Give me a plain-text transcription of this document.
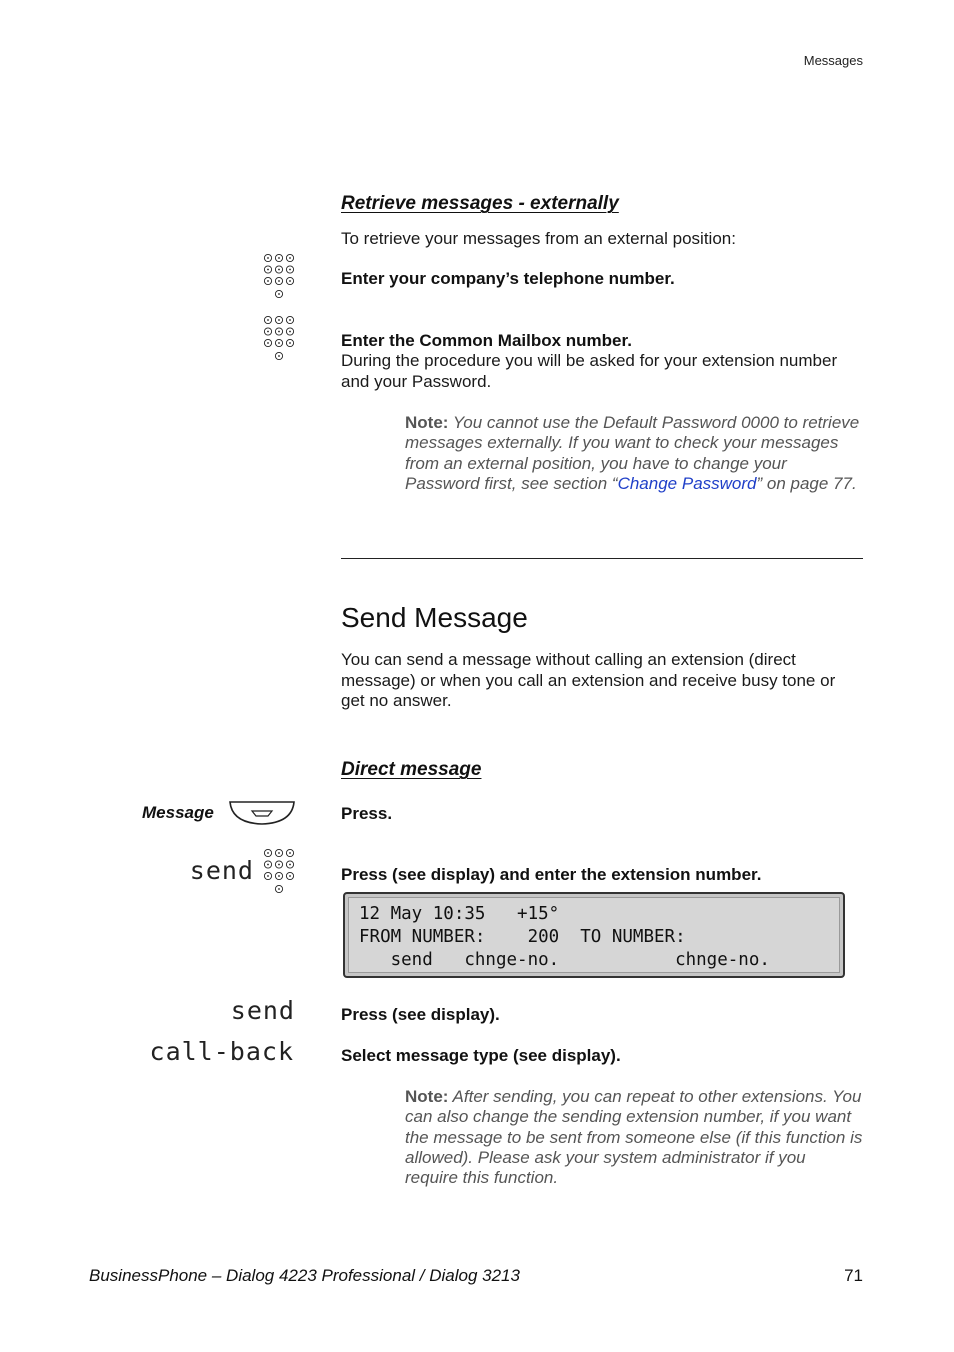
Messages
Retrieve messages - externally
To retrieve your messages from an external position:
Enter your company’s telephone number.
Enter the Common Mailbox number.
During the procedure you will be asked for your extension number and your Password.
Note: You cannot use the Default Password 0000 to retrieve messages externally. If you want to check your messages from an external position, you have to change your Password first, see section “Change Password” on page 77.
Send Message
You can send a message without calling an extension (direct message) or when you call an extension and receive busy tone or get no answer.
Direct message
Message	Press.
send	Press (see display) and enter the extension number.
12 May 10:35   +15°
FROM NUMBER:    200  TO NUMBER:
send   chnge-no.           chnge-no.
send	Press (see display).
call-back	Select message type (see display).
Note: After sending, you can repeat to other extensions. You can also change the sending extension number, if you want the message to be sent from someone else (if this function is allowed). Please ask your system administrator if you require this function.
BusinessPhone – Dialog 4223 Professional / Dialog 3213	71
